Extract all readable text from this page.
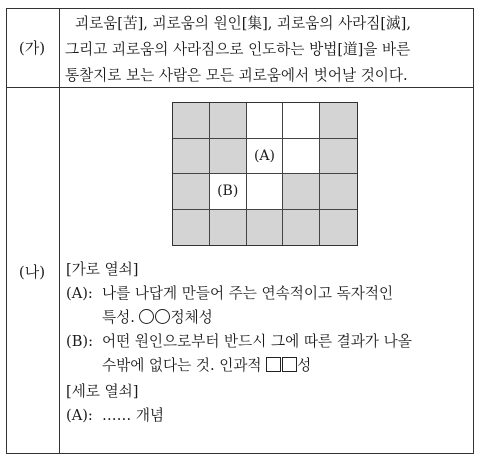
(가)
괴로움[苦], 괴로움의 원인[集], 괴로움의 사라짐[滅],
그리고 괴로움의 사라짐으로 인도하는 방법[道]을 바른
통찰지로 보는 사람은 모든 괴로움에서 벗어날 것이다.
(나)
(A)
(B)
[가로 열쇠]
(A): 나를 나답게 만들어 주는 연속적이고 독자적인
특성.
정체성
(B): 어떤 원인으로부터 반드시 그에 따른 결과가 나올
수밖에 없다는 것. 인과적
성
[세로 열쇠]
(A): …… 개념
